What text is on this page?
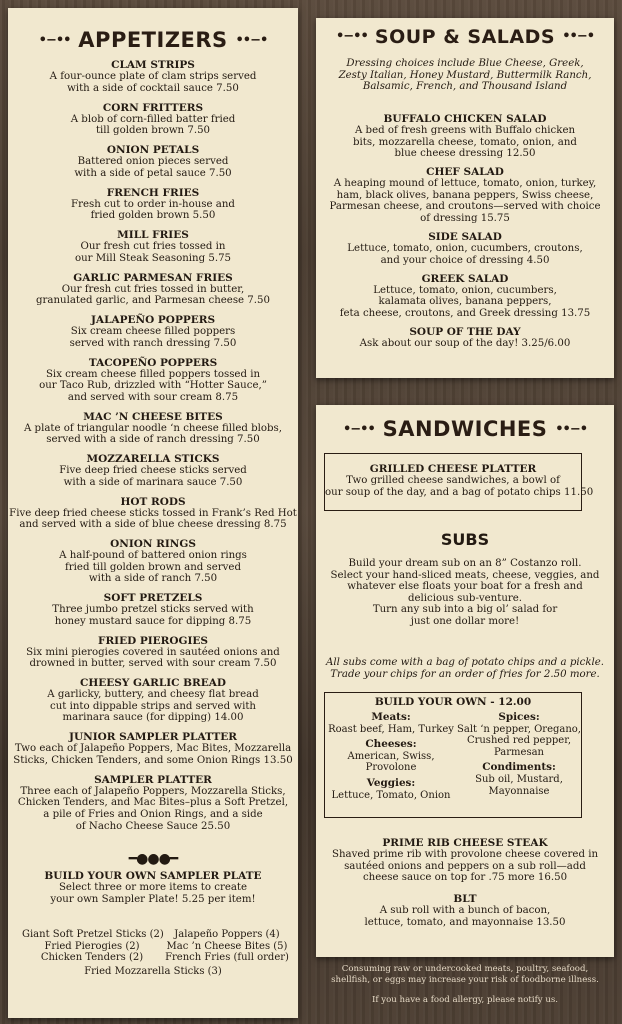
•−•• APPETIZERS ••−•
CLAM STRIPS
A four-ounce plate of clam strips served
with a side of cocktail sauce 7.50
CORN FRITTERS
A blob of corn-filled batter fried
till golden brown 7.50
ONION PETALS
Battered onion pieces served
with a side of petal sauce 7.50
FRENCH FRIES
Fresh cut to order in-house and
fried golden brown 5.50
MILL FRIES
Our fresh cut fries tossed in
our Mill Steak Seasoning 5.75
GARLIC PARMESAN FRIES
Our fresh cut fries tossed in butter,
granulated garlic, and Parmesan cheese 7.50
JALAPEÑO POPPERS
Six cream cheese filled poppers
served with ranch dressing 7.50
TACOPEÑO POPPERS
Six cream cheese filled poppers tossed in
our Taco Rub, drizzled with “Hotter Sauce,”
and served with sour cream 8.75
MAC ’N CHEESE BITES
A plate of triangular noodle ‘n cheese filled blobs,
served with a side of ranch dressing 7.50
MOZZARELLA STICKS
Five deep fried cheese sticks served
with a side of marinara sauce 7.50
HOT RODS
Five deep fried cheese sticks tossed in Frank’s Red Hot
and served with a side of blue cheese dressing 8.75
ONION RINGS
A half-pound of battered onion rings
fried till golden brown and served
with a side of ranch 7.50
SOFT PRETZELS
Three jumbo pretzel sticks served with
honey mustard sauce for dipping 8.75
FRIED PIEROGIES
Six mini pierogies covered in sautéed onions and
drowned in butter, served with sour cream 7.50
CHEESY GARLIC BREAD
A garlicky, buttery, and cheesy flat bread
cut into dippable strips and served with
marinara sauce (for dipping) 14.00
JUNIOR SAMPLER PLATTER
Two each of Jalapeño Poppers, Mac Bites, Mozzarella
Sticks, Chicken Tenders, and some Onion Rings 13.50
SAMPLER PLATTER
Three each of Jalapeño Poppers, Mozzarella Sticks,
Chicken Tenders, and Mac Bites–plus a Soft Pretzel,
a pile of Fries and Onion Rings, and a side
of Nacho Cheese Sauce 25.50
━●●●━
BUILD YOUR OWN SAMPLER PLATE
Select three or more items to create
your own Sampler Plate! 5.25 per item!
Giant Soft Pretzel Sticks (2)
Fried Pierogies (2)
Chicken Tenders (2)
Jalapeño Poppers (4)
Mac ’n Cheese Bites (5)
French Fries (full order)
Fried Mozzarella Sticks (3)
•−•• SOUP & SALADS ••−•
Dressing choices include Blue Cheese, Greek,
Zesty Italian, Honey Mustard, Buttermilk Ranch,
Balsamic, French, and Thousand Island
BUFFALO CHICKEN SALAD
A bed of fresh greens with Buffalo chicken
bits, mozzarella cheese, tomato, onion, and
blue cheese dressing 12.50
CHEF SALAD
A heaping mound of lettuce, tomato, onion, turkey,
ham, black olives, banana peppers, Swiss cheese,
Parmesan cheese, and croutons—served with choice
of dressing 15.75
SIDE SALAD
Lettuce, tomato, onion, cucumbers, croutons,
and your choice of dressing 4.50
GREEK SALAD
Lettuce, tomato, onion, cucumbers,
kalamata olives, banana peppers,
feta cheese, croutons, and Greek dressing 13.75
SOUP OF THE DAY
Ask about our soup of the day! 3.25/6.00
•−•• SANDWICHES ••−•
GRILLED CHEESE PLATTER
Two grilled cheese sandwiches, a bowl of
our soup of the day, and a bag of potato chips 11.50
SUBS
Build your dream sub on an 8” Costanzo roll.
Select your hand-sliced meats, cheese, veggies, and
whatever else floats your boat for a fresh and
delicious sub-venture.
Turn any sub into a big ol’ salad for
just one dollar more!
All subs come with a bag of potato chips and a pickle.
Trade your chips for an order of fries for 2.50 more.
BUILD YOUR OWN - 12.00
Meats:
Roast beef, Ham, Turkey
Cheeses:
American, Swiss,
Provolone
Veggies:
Lettuce, Tomato, Onion
Spices:
Salt ‘n pepper, Oregano,
Crushed red pepper,
Parmesan
Condiments:
Sub oil, Mustard,
Mayonnaise
PRIME RIB CHEESE STEAK
Shaved prime rib with provolone cheese covered in
sautéed onions and peppers on a sub roll—add
cheese sauce on top for .75 more 16.50
BLT
A sub roll with a bunch of bacon,
lettuce, tomato, and mayonnaise 13.50
Consuming raw or undercooked meats, poultry, seafood,
shellfish, or eggs may increase your risk of foodborne illness.
If you have a food allergy, please notify us.
